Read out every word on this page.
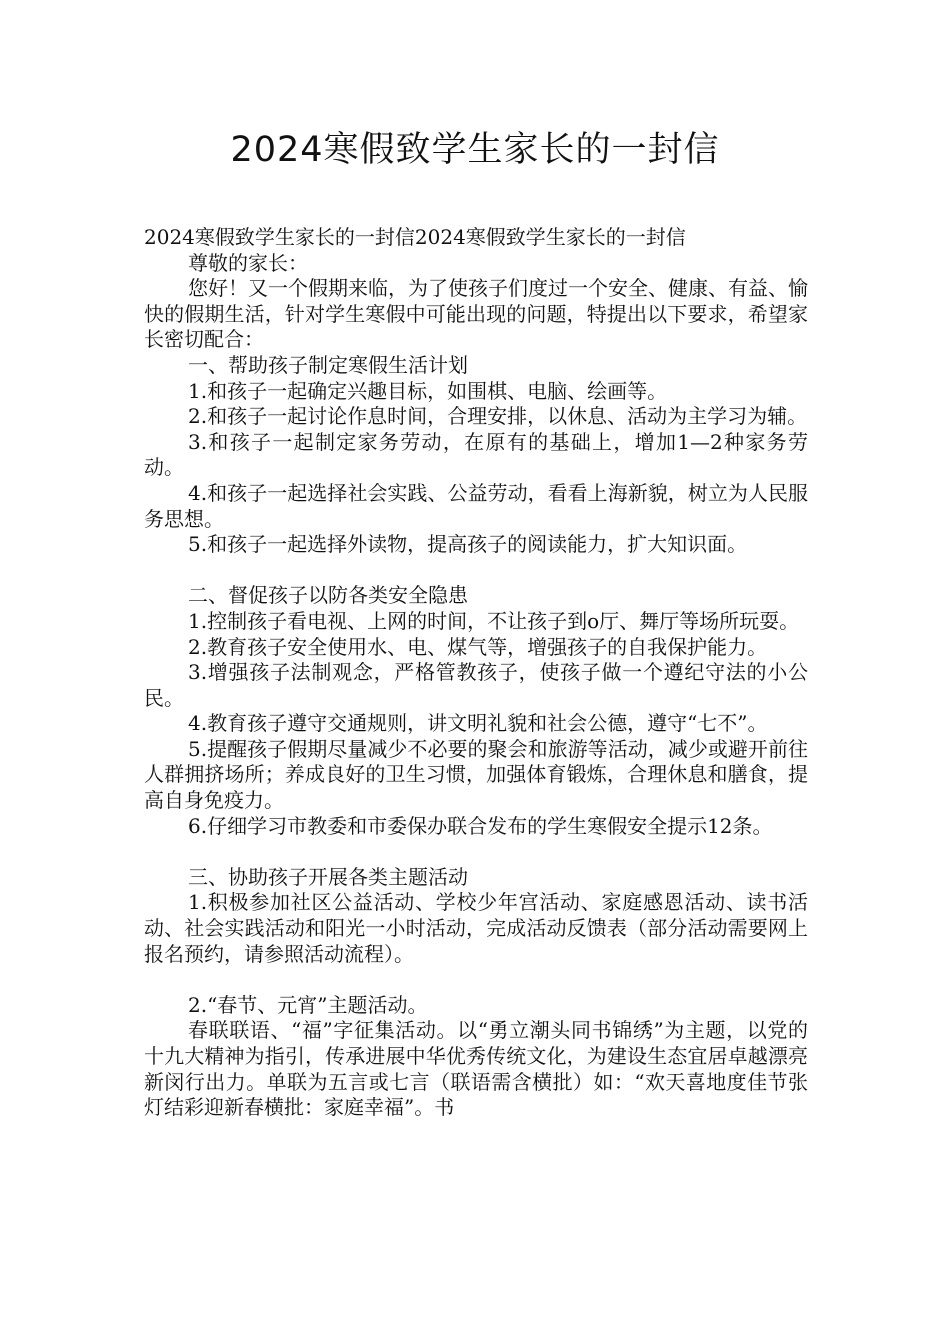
2024寒假致学生家长的一封信

2024寒假致学生家长的一封信2024寒假致学生家长的一封信

尊敬的家长：

您好！又一个假期来临，为了使孩子们度过一个安全、健康、有益、愉快的假期生活，针对学生寒假中可能出现的问题，特提出以下要求，希望家长密切配合：

一、帮助孩子制定寒假生活计划

1.和孩子一起确定兴趣目标，如围棋、电脑、绘画等。

2.和孩子一起讨论作息时间，合理安排，以休息、活动为主学习为辅。

3.和孩子一起制定家务劳动，在原有的基础上，增加1—2种家务劳动。

4.和孩子一起选择社会实践、公益劳动，看看上海新貌，树立为人民服务思想。

5.和孩子一起选择外读物，提高孩子的阅读能力，扩大知识面。

二、督促孩子以防各类安全隐患

1.控制孩子看电视、上网的时间，不让孩子到o厅、舞厅等场所玩耍。

2.教育孩子安全使用水、电、煤气等，增强孩子的自我保护能力。

3.增强孩子法制观念，严格管教孩子，使孩子做一个遵纪守法的小公民。

4.教育孩子遵守交通规则，讲文明礼貌和社会公德，遵守“七不”。

5.提醒孩子假期尽量减少不必要的聚会和旅游等活动，减少或避开前往人群拥挤场所；养成良好的卫生习惯，加强体育锻炼，合理休息和膳食，提高自身免疫力。

6.仔细学习市教委和市委保办联合发布的学生寒假安全提示12条。

三、协助孩子开展各类主题活动

1.积极参加社区公益活动、学校少年宫活动、家庭感恩活动、读书活动、社会实践活动和阳光一小时活动，完成活动反馈表（部分活动需要网上报名预约，请参照活动流程）。

2.“春节、元宵”主题活动。

春联联语、“福”字征集活动。以“勇立潮头同书锦绣”为主题，以党的十九大精神为指引，传承进展中华优秀传统文化，为建设生态宜居卓越漂亮新闵行出力。单联为五言或七言（联语需含横批）如：“欢天喜地度佳节张灯结彩迎新春横批：家庭幸福”。书
